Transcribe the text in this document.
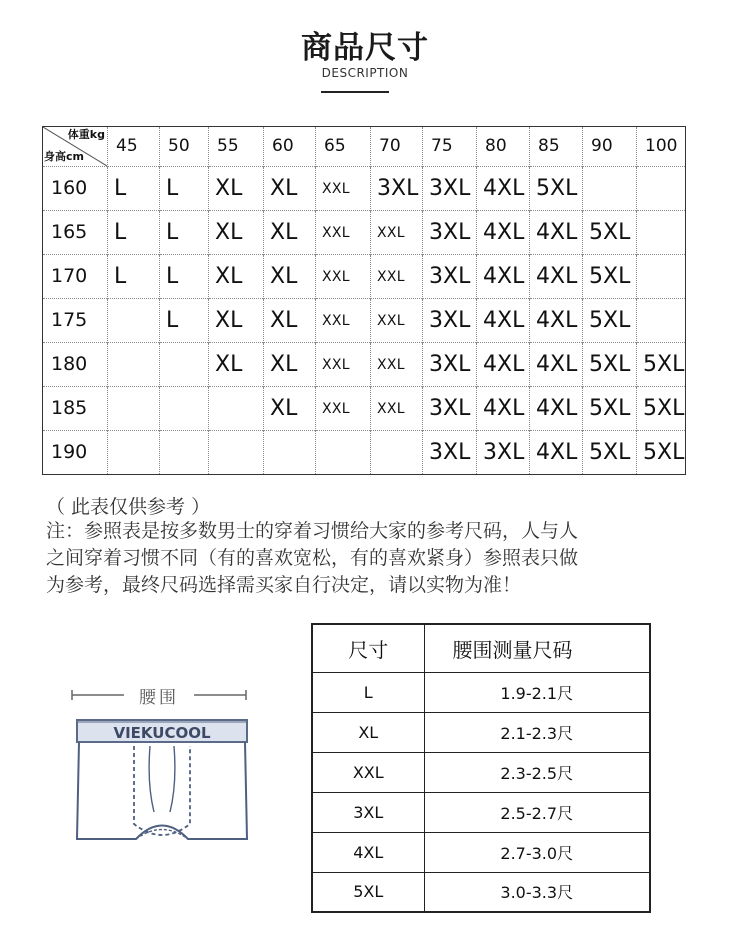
商品尺寸
DESCRIPTION
体重kg
身高cm	45	50	55	60	65	70	75	80	85	90	100
160	L	L	XL	XL	XXL	3XL	3XL	4XL	5XL		
165	L	L	XL	XL	XXL	XXL	3XL	4XL	4XL	5XL	
170	L	L	XL	XL	XXL	XXL	3XL	4XL	4XL	5XL	
175		L	XL	XL	XXL	XXL	3XL	4XL	4XL	5XL	
180			XL	XL	XXL	XXL	3XL	4XL	4XL	5XL	5XL
185				XL	XXL	XXL	3XL	4XL	4XL	5XL	5XL
190							3XL	3XL	4XL	5XL	5XL
（ 此表仅供参考 ）
注：参照表是按多数男士的穿着习惯给大家的参考尺码，人与人
之间穿着习惯不同（有的喜欢宽松，有的喜欢紧身）参照表只做
为参考，最终尺码选择需买家自行决定，请以实物为准！
腰围
VIEKUCOOL
尺寸	腰围测量尺码
L	1.9-2.1尺
XL	2.1-2.3尺
XXL	2.3-2.5尺
3XL	2.5-2.7尺
4XL	2.7-3.0尺
5XL	3.0-3.3尺
